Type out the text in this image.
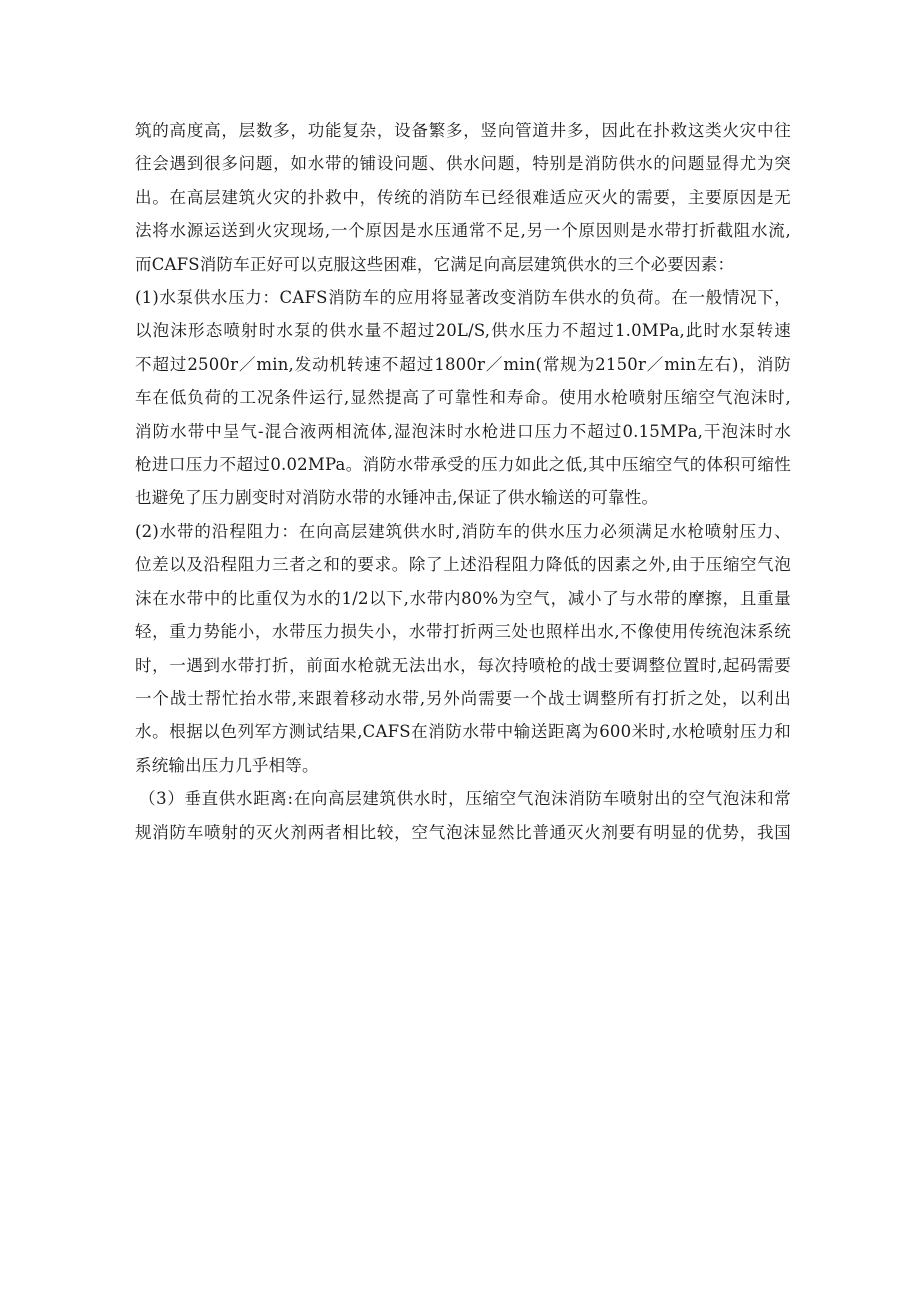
筑的高度高，层数多，功能复杂，设备繁多，竖向管道井多，因此在扑救这类火灾中往
往会遇到很多问题，如水带的铺设问题、供水问题，特别是消防供水的问题显得尤为突
出。在高层建筑火灾的扑救中，传统的消防车已经很难适应灭火的需要，主要原因是无
法将水源运送到火灾现场,一个原因是水压通常不足,另一个原因则是水带打折截阻水流,
而CAFS消防车正好可以克服这些困难，它满足向高层建筑供水的三个必要因素：
(1)水泵供水压力：CAFS消防车的应用将显著改变消防车供水的负荷。在一般情况下，
以泡沫形态喷射时水泵的供水量不超过20L/S,供水压力不超过1.0MPa,此时水泵转速
不超过2500r／min,发动机转速不超过1800r／min(常规为2150r／min左右)，消防
车在低负荷的工况条件运行,显然提高了可靠性和寿命。使用水枪喷射压缩空气泡沫时,
消防水带中呈气-混合液两相流体,湿泡沫时水枪进口压力不超过0.15MPa,干泡沫时水
枪进口压力不超过0.02MPa。消防水带承受的压力如此之低,其中压缩空气的体积可缩性
也避免了压力剧变时对消防水带的水锤冲击,保证了供水输送的可靠性。
(2)水带的沿程阻力：在向高层建筑供水时,消防车的供水压力必须满足水枪喷射压力、
位差以及沿程阻力三者之和的要求。除了上述沿程阻力降低的因素之外,由于压缩空气泡
沫在水带中的比重仅为水的1/2以下,水带内80%为空气，减小了与水带的摩擦，且重量
轻，重力势能小，水带压力损失小，水带打折两三处也照样出水,不像使用传统泡沫系统
时，一遇到水带打折，前面水枪就无法出水，每次持喷枪的战士要调整位置时,起码需要
一个战士帮忙抬水带,来跟着移动水带,另外尚需要一个战士调整所有打折之处，以利出
水。根据以色列军方测试结果,CAFS在消防水带中输送距离为600米时,水枪喷射压力和
系统输出压力几乎相等。
（3）垂直供水距离:在向高层建筑供水时，压缩空气泡沫消防车喷射出的空气泡沫和常
规消防车喷射的灭火剂两者相比较，空气泡沫显然比普通灭火剂要有明显的优势，我国
